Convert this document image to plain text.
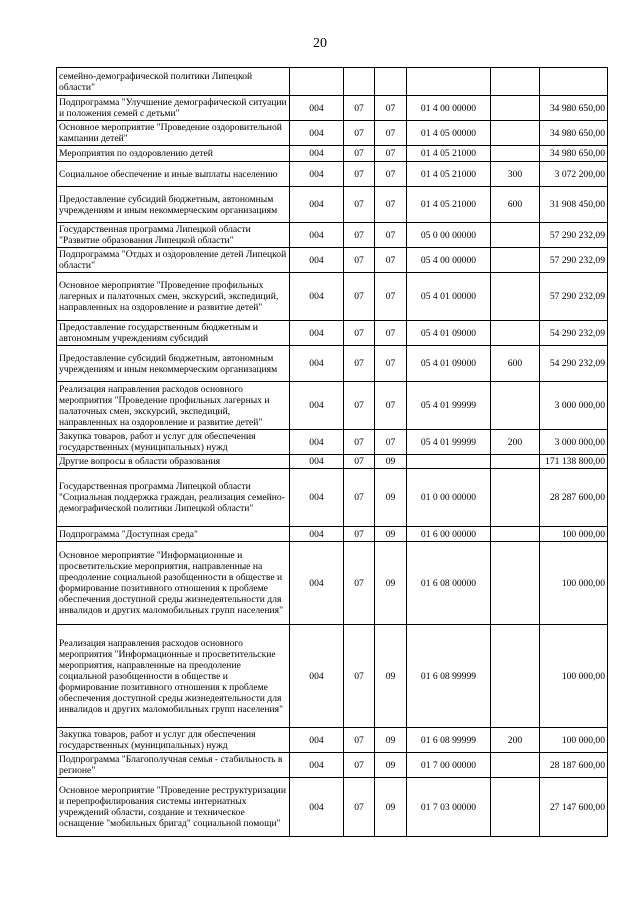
20
семейно-демографической политики Липецкой области"						
Подпрограмма "Улучшение демографической ситуации и положения семей с детьми"	004	07	07	01 4 00 00000		34 980 650,00
Основное мероприятие "Проведение оздоровительной кампании детей"	004	07	07	01 4 05 00000		34 980 650,00
Мероприятия по оздоровлению детей	004	07	07	01 4 05 21000		34 980 650,00
Социальное обеспечение и иные выплаты населению	004	07	07	01 4 05 21000	300	3 072 200,00
Предоставление субсидий бюджетным, автономным учреждениям и иным некоммерческим организациям	004	07	07	01 4 05 21000	600	31 908 450,00
Государственная программа Липецкой области "Развитие образования Липецкой области"	004	07	07	05 0 00 00000		57 290 232,09
Подпрограмма "Отдых и оздоровление детей Липецкой области"	004	07	07	05 4 00 00000		57 290 232,09
Основное мероприятие "Проведение профильных лагерных и палаточных смен, экскурсий, экспедиций, направленных на оздоровление и развитие детей"	004	07	07	05 4 01 00000		57 290 232,09
Предоставление государственным бюджетным и автономным учреждениям субсидий	004	07	07	05 4 01 09000		54 290 232,09
Предоставление субсидий бюджетным, автономным учреждениям и иным некоммерческим организациям	004	07	07	05 4 01 09000	600	54 290 232,09
Реализация направления расходов основного мероприятия "Проведение профильных лагерных и палаточных смен, экскурсий, экспедиций, направленных на оздоровление и развитие детей"	004	07	07	05 4 01 99999		3 000 000,00
Закупка товаров, работ и услуг для обеспечения государственных (муниципальных) нужд	004	07	07	05 4 01 99999	200	3 000 000,00
Другие вопросы в области образования	004	07	09			171 138 800,00
Государственная программа Липецкой области "Социальная поддержка граждан, реализация семейно-демографической политики Липецкой области"	004	07	09	01 0 00 00000		28 287 600,00
Подпрограмма "Доступная среда"	004	07	09	01 6 00 00000		100 000,00
Основное мероприятие "Информационные и просветительские мероприятия, направленные на преодоление социальной разобщенности в обществе и формирование позитивного отношения к проблеме обеспечения доступной среды жизнедеятельности для инвалидов и других маломобильных групп населения"	004	07	09	01 6 08 00000		100 000,00
Реализация направления расходов основного мероприятия "Информационные и просветительские мероприятия, направленные на преодоление социальной разобщенности в обществе и формирование позитивного отношения к проблеме обеспечения доступной среды жизнедеятельности для инвалидов и других маломобильных групп населения"	004	07	09	01 6 08 99999		100 000,00
Закупка товаров, работ и услуг для обеспечения государственных (муниципальных) нужд	004	07	09	01 6 08 99999	200	100 000,00
Подпрограмма "Благополучная семья - стабильность в регионе"	004	07	09	01 7 00 00000		28 187 600,00
Основное мероприятие "Проведение реструктуризации и перепрофилирования системы интернатных учреждений области, создание и техническое оснащение "мобильных бригад" социальной помощи"	004	07	09	01 7 03 00000		27 147 600,00
